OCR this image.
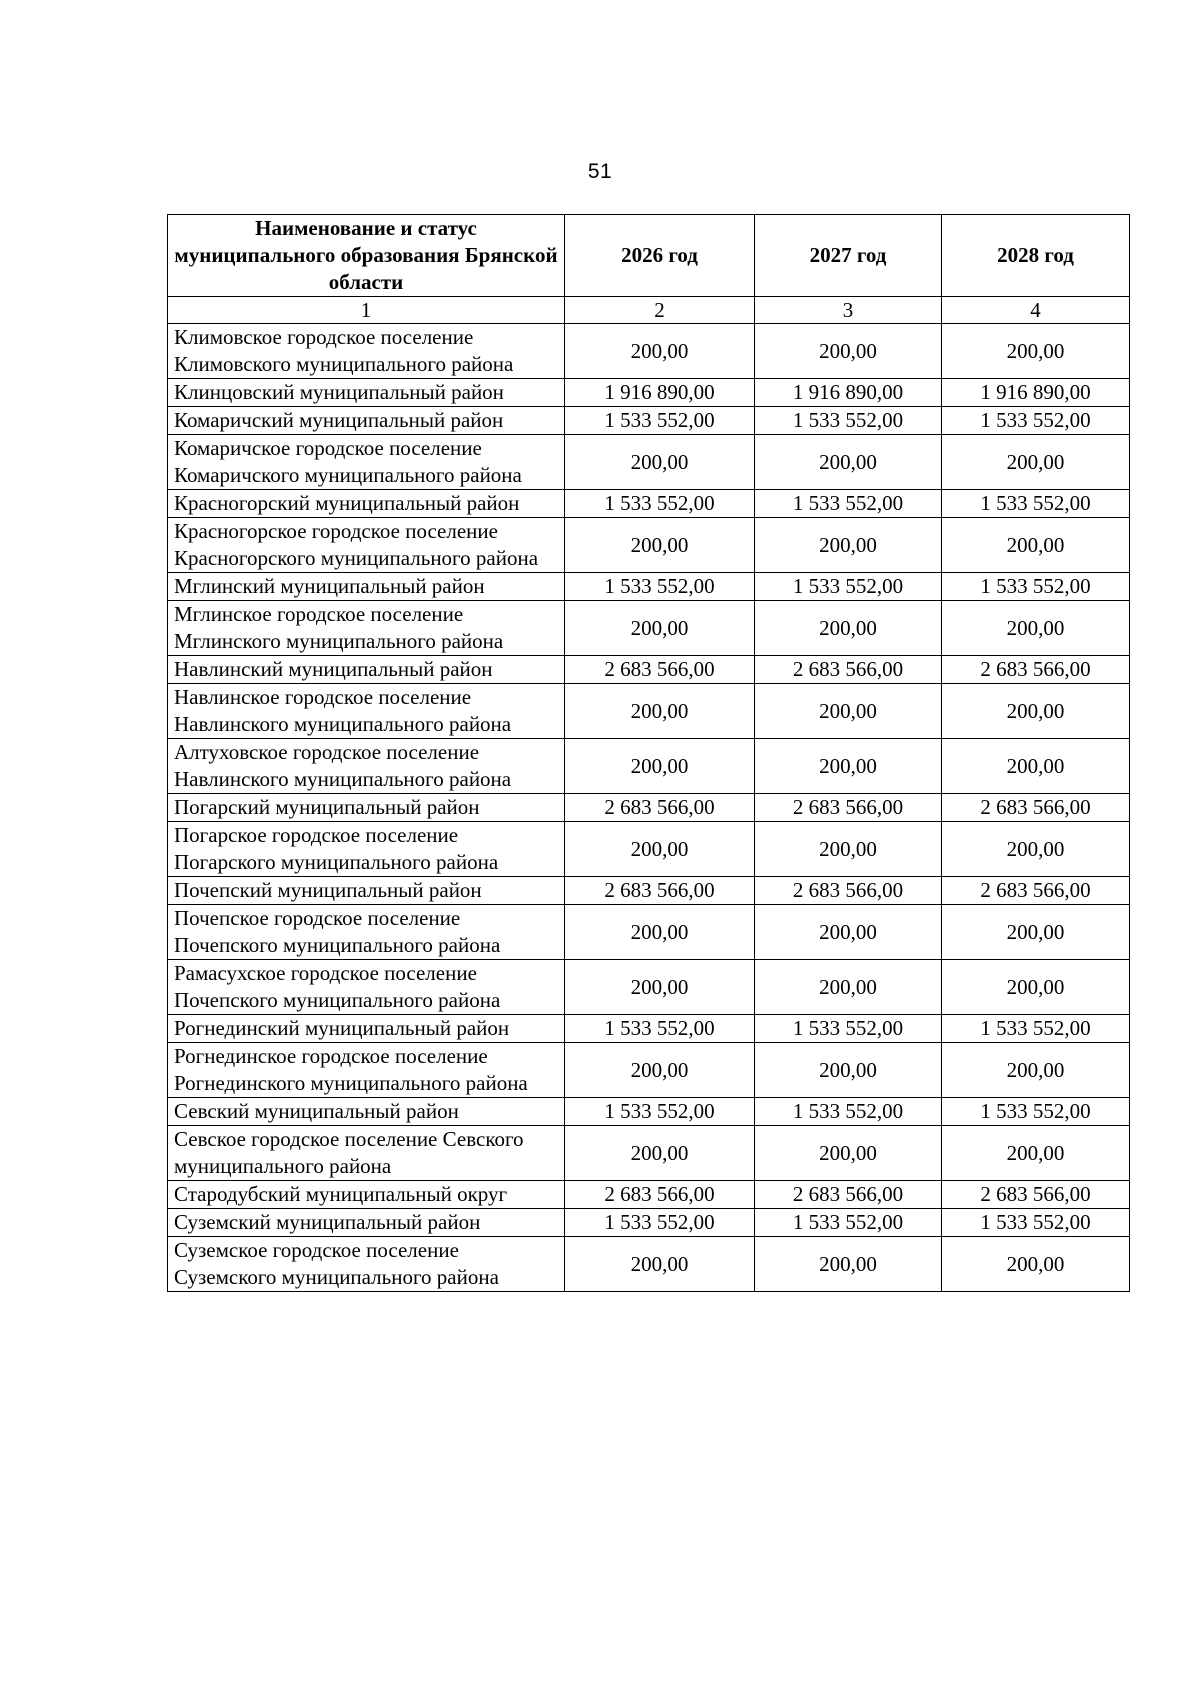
51
Наименование и статус муниципального образования Брянской области	2026 год	2027 год	2028 год
1	2	3	4
Климовское городское поселение Климовского муниципального района	200,00	200,00	200,00
Клинцовский муниципальный район	1 916 890,00	1 916 890,00	1 916 890,00
Комаричский муниципальный район	1 533 552,00	1 533 552,00	1 533 552,00
Комаричское городское поселение Комаричского муниципального района	200,00	200,00	200,00
Красногорский муниципальный район	1 533 552,00	1 533 552,00	1 533 552,00
Красногорское городское поселение Красногорского муниципального района	200,00	200,00	200,00
Мглинский муниципальный район	1 533 552,00	1 533 552,00	1 533 552,00
Мглинское городское поселение Мглинского муниципального района	200,00	200,00	200,00
Навлинский муниципальный район	2 683 566,00	2 683 566,00	2 683 566,00
Навлинское городское поселение Навлинского муниципального района	200,00	200,00	200,00
Алтуховское городское поселение Навлинского муниципального района	200,00	200,00	200,00
Погарский муниципальный район	2 683 566,00	2 683 566,00	2 683 566,00
Погарское городское поселение Погарского муниципального района	200,00	200,00	200,00
Почепский муниципальный район	2 683 566,00	2 683 566,00	2 683 566,00
Почепское городское поселение Почепского муниципального района	200,00	200,00	200,00
Рамасухское городское поселение Почепского муниципального района	200,00	200,00	200,00
Рогнединский муниципальный район	1 533 552,00	1 533 552,00	1 533 552,00
Рогнединское городское поселение Рогнединского муниципального района	200,00	200,00	200,00
Севский муниципальный район	1 533 552,00	1 533 552,00	1 533 552,00
Севское городское поселение Севского муниципального района	200,00	200,00	200,00
Стародубский муниципальный округ	2 683 566,00	2 683 566,00	2 683 566,00
Суземский муниципальный район	1 533 552,00	1 533 552,00	1 533 552,00
Суземское городское поселение Суземского муниципального района	200,00	200,00	200,00
